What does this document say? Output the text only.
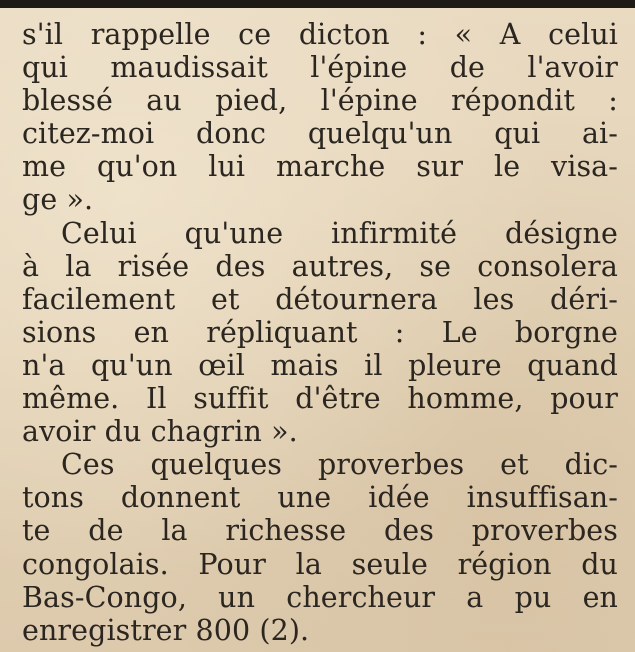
s'il rappelle ce dicton : « A celui
qui maudissait l'épine de l'avoir
blessé au pied, l'épine répondit :
citez-moi donc quelqu'un qui ai-
me qu'on lui marche sur le visa-
ge ».
Celui qu'une infirmité désigne
à la risée des autres, se consolera
facilement et détournera les déri-
sions en répliquant : Le borgne
n'a qu'un œil mais il pleure quand
même. Il suffit d'être homme, pour
avoir du chagrin ».
Ces quelques proverbes et dic-
tons donnent une idée insuffisan-
te de la richesse des proverbes
congolais. Pour la seule région du
Bas-Congo, un chercheur a pu en
enregistrer 800 (2).
